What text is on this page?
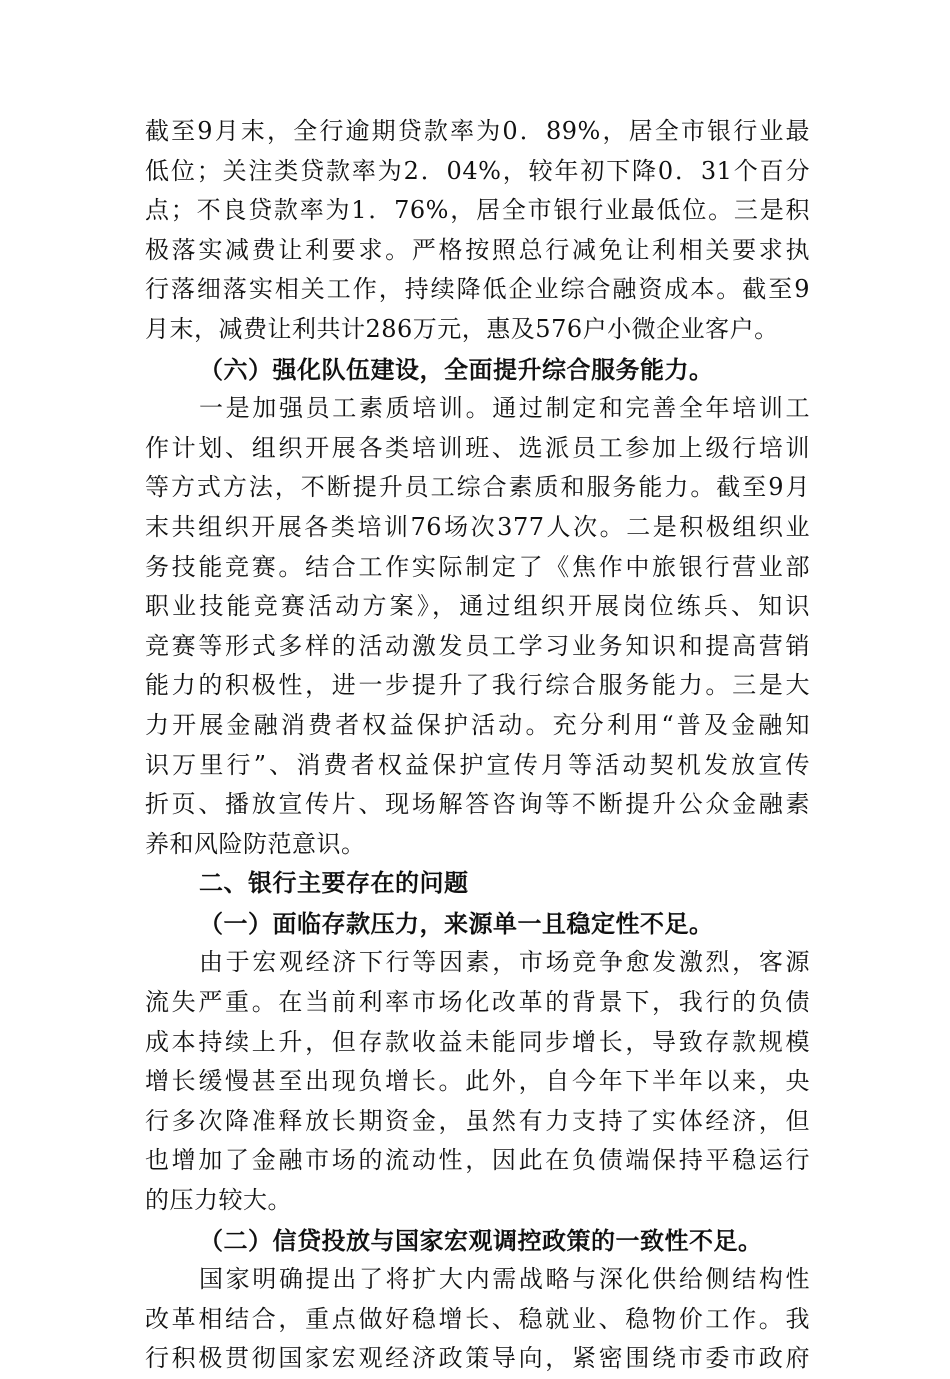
截至9月末，全行逾期贷款率为0．89%，居全市银行业最
低位；关注类贷款率为2．04%，较年初下降0．31个百分
点；不良贷款率为1．76%，居全市银行业最低位。三是积
极落实减费让利要求。严格按照总行减免让利相关要求执
行落细落实相关工作，持续降低企业综合融资成本。截至9
月末，减费让利共计286万元，惠及576户小微企业客户。
（六）强化队伍建设，全面提升综合服务能力。
一是加强员工素质培训。通过制定和完善全年培训工
作计划、组织开展各类培训班、选派员工参加上级行培训
等方式方法，不断提升员工综合素质和服务能力。截至9月
末共组织开展各类培训76场次377人次。二是积极组织业
务技能竞赛。结合工作实际制定了《焦作中旅银行营业部
职业技能竞赛活动方案》，通过组织开展岗位练兵、知识
竞赛等形式多样的活动激发员工学习业务知识和提高营销
能力的积极性，进一步提升了我行综合服务能力。三是大
力开展金融消费者权益保护活动。充分利用“普及金融知
识万里行”、消费者权益保护宣传月等活动契机发放宣传
折页、播放宣传片、现场解答咨询等不断提升公众金融素
养和风险防范意识。
二、银行主要存在的问题
（一）面临存款压力，来源单一且稳定性不足。
由于宏观经济下行等因素，市场竞争愈发激烈，客源
流失严重。在当前利率市场化改革的背景下，我行的负债
成本持续上升，但存款收益未能同步增长，导致存款规模
增长缓慢甚至出现负增长。此外，自今年下半年以来，央
行多次降准释放长期资金，虽然有力支持了实体经济，但
也增加了金融市场的流动性，因此在负债端保持平稳运行
的压力较大。
（二）信贷投放与国家宏观调控政策的一致性不足。
国家明确提出了将扩大内需战略与深化供给侧结构性
改革相结合，重点做好稳增长、稳就业、稳物价工作。我
行积极贯彻国家宏观经济政策导向，紧密围绕市委市政府
